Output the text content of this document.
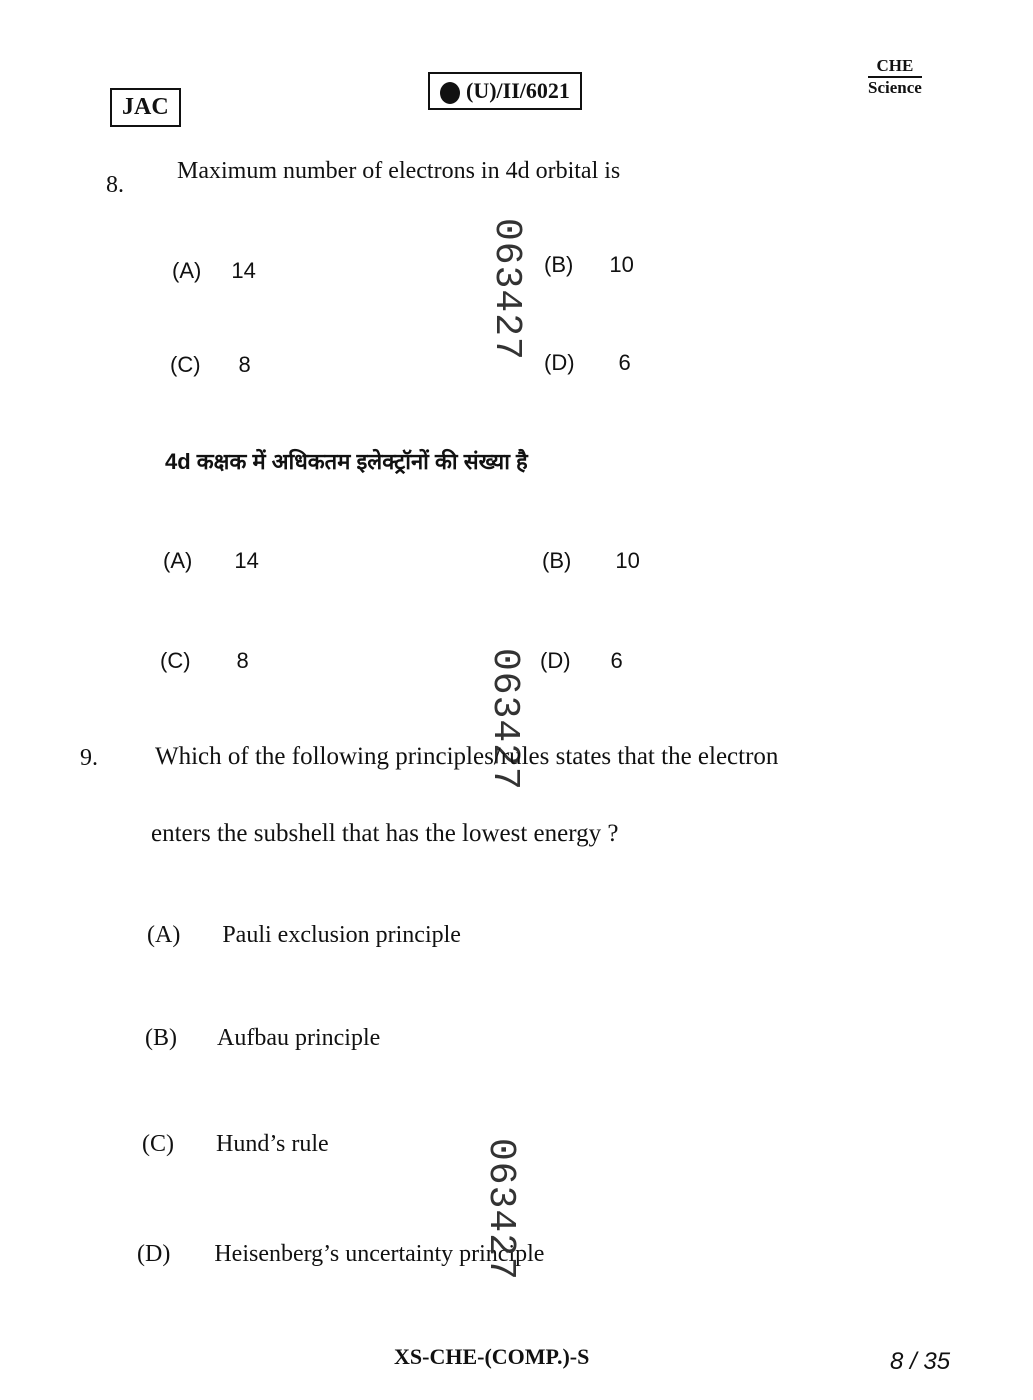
JAC
(U)/II/6021
CHE
Science
8.
Maximum number of electrons in 4d orbital is
(A) 14	(B) 10
(C) 8	(D) 6
063427
4d कक्षक में अधिकतम इलेक्ट्रॉनों की संख्या है
(A) 14	(B) 10
(C) 8	(D) 6
063427
9. Which of the following principles/rules states that the electron
enters the subshell that has the lowest energy ?
(A) Pauli exclusion principle
(B) Aufbau principle
(C) Hund’s rule
(D) Heisenberg’s uncertainty principle
063427
XS-CHE-(COMP.)-S	8 / 35
